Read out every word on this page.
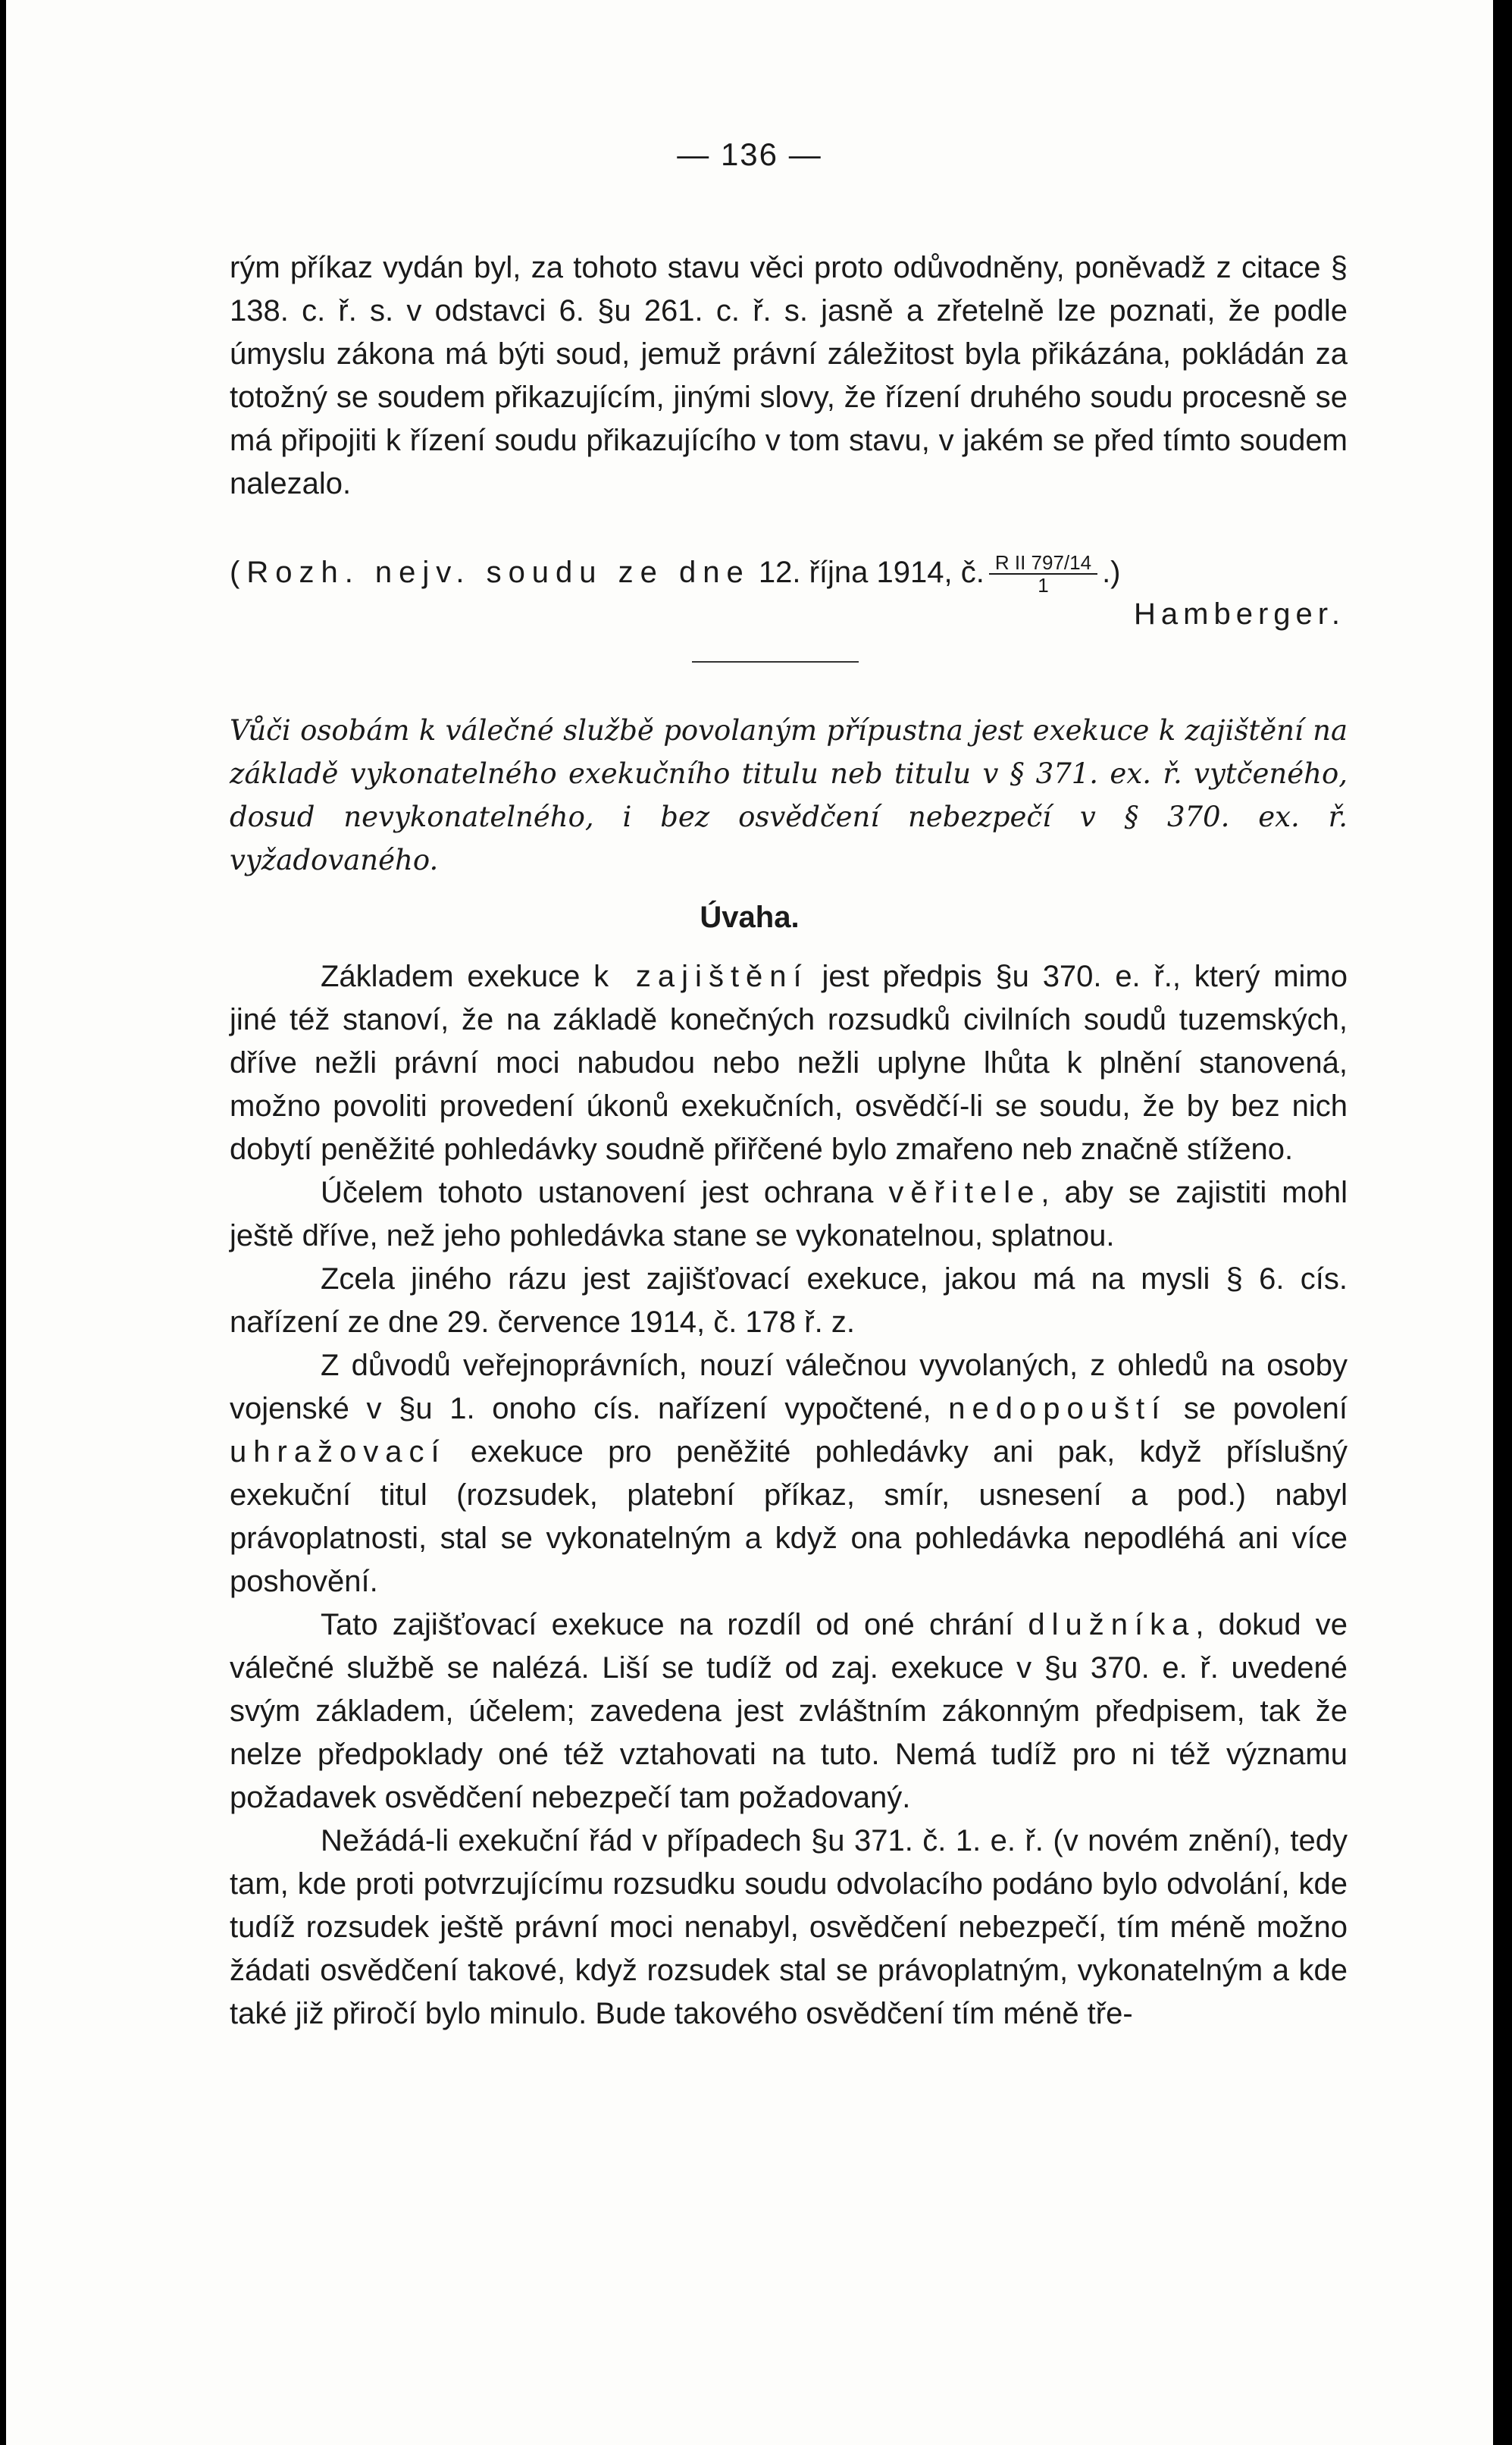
— 136 —

rým příkaz vydán byl, za tohoto stavu věci proto odůvodněny, poněvadž z citace § 138. c. ř. s. v odstavci 6. §u 261. c. ř. s. jasně a zřetelně lze poznati, že podle úmyslu zákona má býti soud, jemuž právní záležitost byla přikázána, pokládán za totožný se soudem přikazujícím, jinými slovy, že řízení druhého soudu procesně se má připojiti k řízení soudu přikazujícího v tom stavu, v jakém se před tímto soudem nalezalo.

(Rozh. nejv. soudu ze dne 12. října 1914, č. $\frac{\text{R II 797/14}}{1}$ .)
Hamberger.
Vůči osobám k válečné službě povolaným přípustna jest exekuce k zajištění na základě vykonatelného exekučního titulu neb titulu v § 371. ex. ř. vytčeného, dosud nevykonatelného, i bez osvědčení nebezpečí v § 370. ex. ř. vyžadovaného.
Úvaha.

Základem exekuce k zajištění jest předpis §u 370. e. ř., který mimo jiné též stanoví, že na základě konečných rozsudků civilních soudů tuzemských, dříve nežli právní moci nabudou nebo nežli uplyne lhůta k plnění stanovená, možno povoliti provedení úkonů exekučních, osvědčí-li se soudu, že by bez nich dobytí peněžité pohledávky soudně přiřčené bylo zmařeno neb značně stíženo.

Účelem tohoto ustanovení jest ochrana věřitele, aby se zajistiti mohl ještě dříve, než jeho pohledávka stane se vykonatelnou, splatnou.

Zcela jiného rázu jest zajišťovací exekuce, jakou má na mysli § 6. cís. nařízení ze dne 29. července 1914, č. 178 ř. z.

Z důvodů veřejnoprávních, nouzí válečnou vyvolaných, z ohledů na osoby vojenské v §u 1. onoho cís. nařízení vypočtené, nedopouští se povolení uhražovací exekuce pro peněžité pohledávky ani pak, když příslušný exekuční titul (rozsudek, platební příkaz, smír, usnesení a pod.) nabyl právoplatnosti, stal se vykonatelným a když ona pohledávka nepodléhá ani více poshovění.

Tato zajišťovací exekuce na rozdíl od oné chrání dlužníka, dokud ve válečné službě se nalézá. Liší se tudíž od zaj. exekuce v §u 370. e. ř. uvedené svým základem, účelem; zavedena jest zvláštním zákonným předpisem, tak že nelze předpoklady oné též vztahovati na tuto. Nemá tudíž pro ni též významu požadavek osvědčení nebezpečí tam požadovaný.

Nežádá-li exekuční řád v případech §u 371. č. 1. e. ř. (v novém znění), tedy tam, kde proti potvrzujícímu rozsudku soudu odvolacího podáno bylo odvolání, kde tudíž rozsudek ještě právní moci nenabyl, osvědčení nebezpečí, tím méně možno žádati osvědčení takové, když rozsudek stal se právoplatným, vykonatelným a kde také již přiročí bylo minulo. Bude takového osvědčení tím méně tře-
